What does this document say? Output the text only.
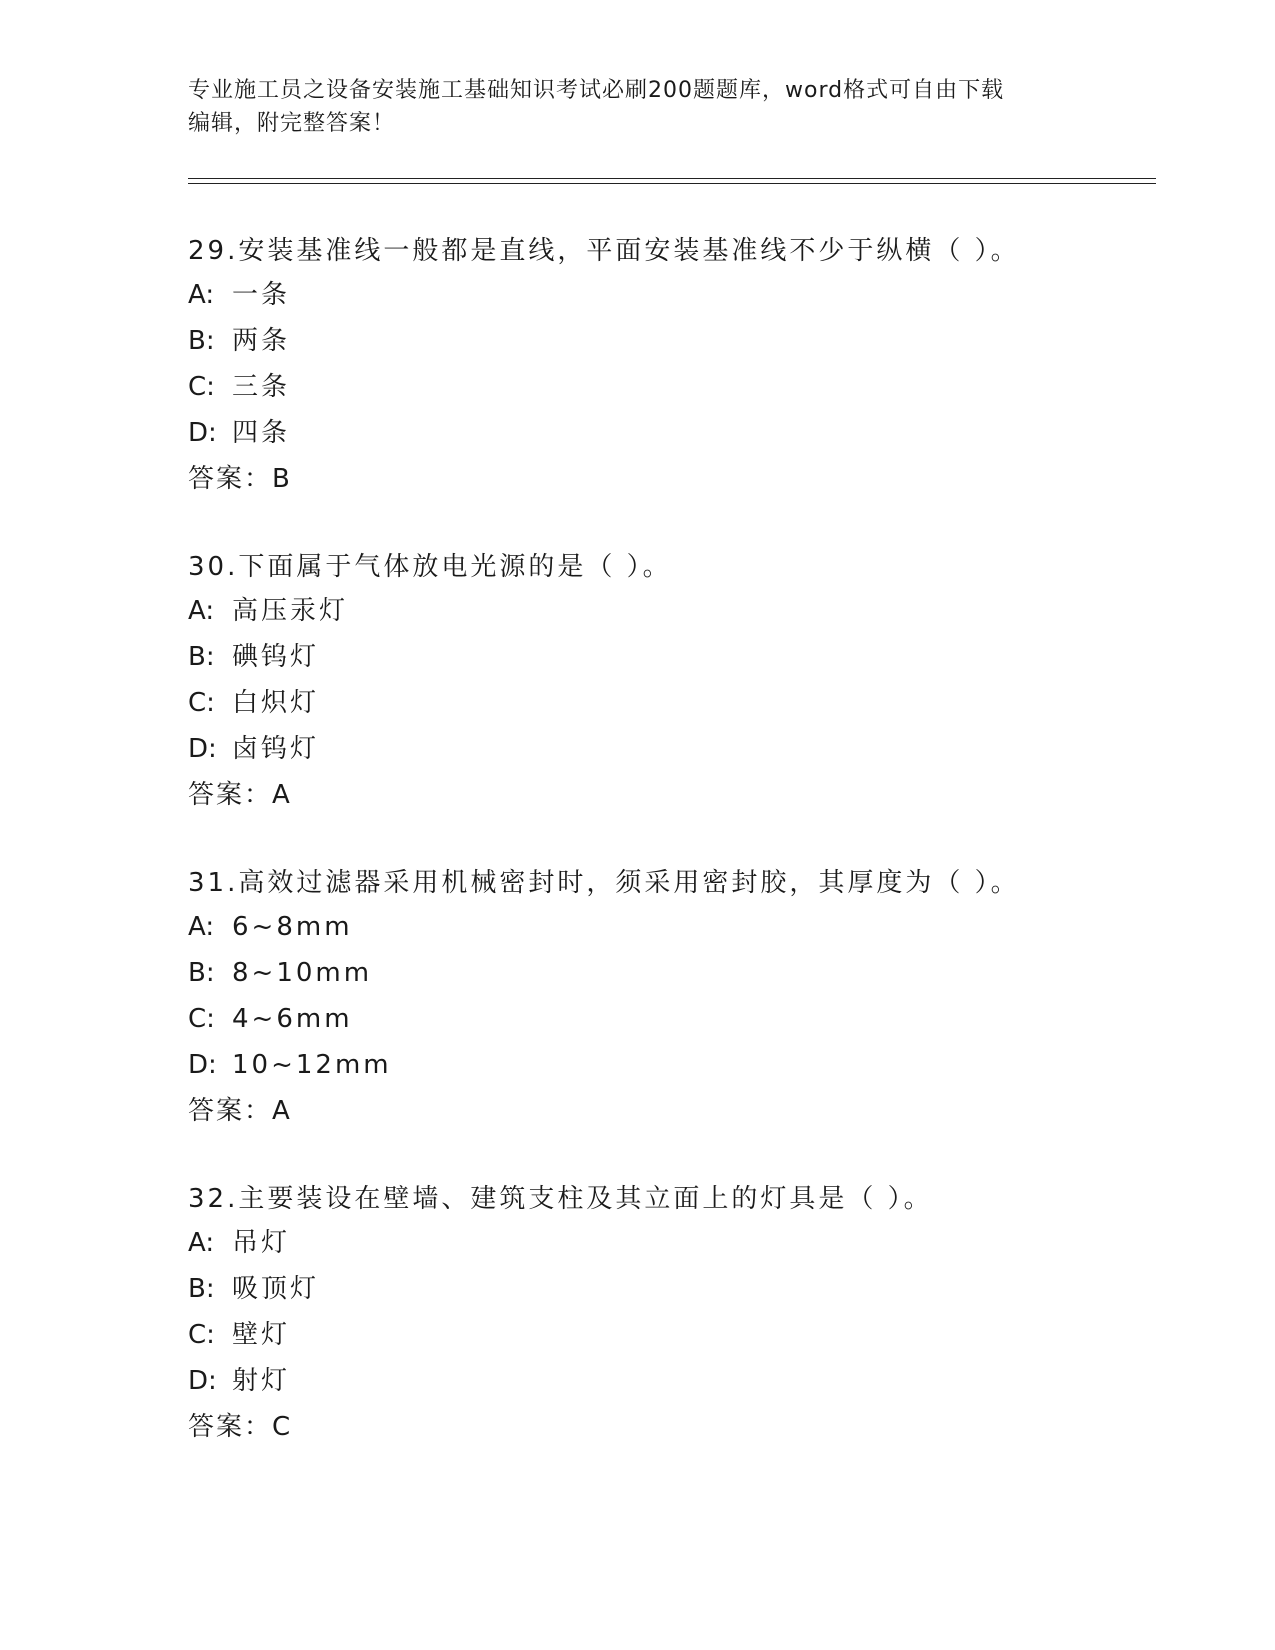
专业施工员之设备安装施工基础知识考试必刷200题题库，word格式可自由下载
编辑，附完整答案！
29.安装基准线一般都是直线，平面安装基准线不少于纵横（ ）。
A: 一条
B: 两条
C: 三条
D: 四条
答案：B
30.下面属于气体放电光源的是（ ）。
A: 高压汞灯
B: 碘钨灯
C: 白炽灯
D: 卤钨灯
答案：A
31.高效过滤器采用机械密封时，须采用密封胶，其厚度为（ ）。
A: 6~8mm
B: 8~10mm
C: 4~6mm
D: 10~12mm
答案：A
32.主要装设在壁墙、建筑支柱及其立面上的灯具是（ ）。
A: 吊灯
B: 吸顶灯
C: 壁灯
D: 射灯
答案：C
